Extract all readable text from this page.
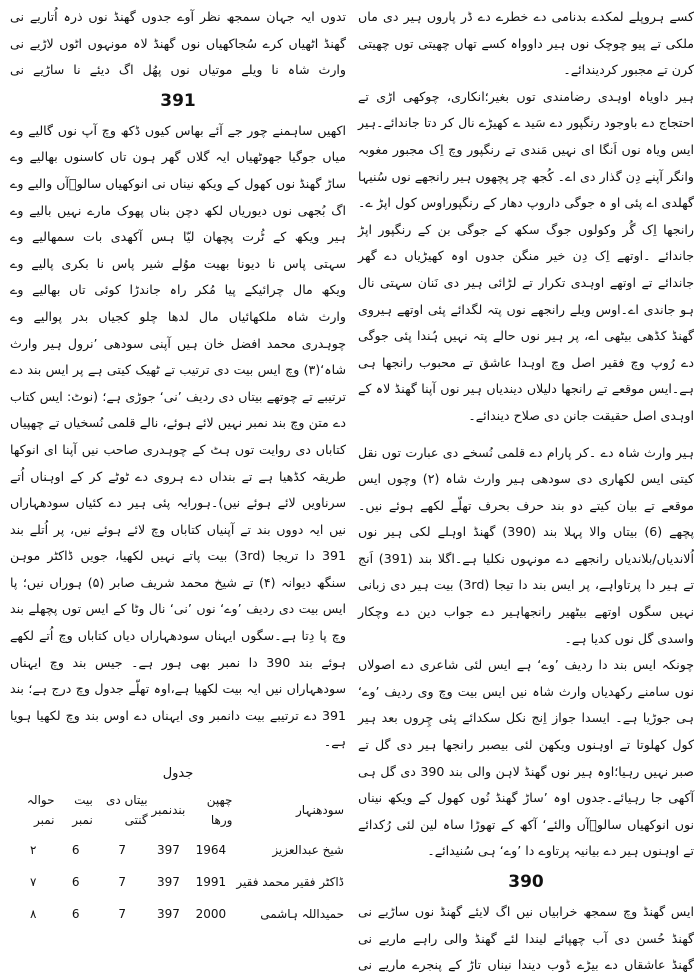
کسے ہروپلے لمکدے بدنامی دے خطرے دے ڈر پاروں ہیر دی ماں ملکی تے پیو چوچک نوں ہیر داوواہ کسے تھاں چھیتی توں چھیتی کرن تے مجبور کردیندائے۔

ہیر داویاہ اوہدی رضامندی توں بغیر؛انکاری، چوکھی اڑی تے احتجاج دے باوجود رنگپور دے سَید ے کھیڑے نال کر دتا جاندائے۔ہیر ایس ویاہ نوں اَنگا ای نہیں مَندی تے رنگپور وچ اِک مجبور مغوبہ وانگر آپنے دِن گذار دی اے۔ کُجھ چر پچھوں ہیر رانجھے نوں سُنیہا گھلدی اے پئی او ہ جوگی داروپ دھار کے رنگپوراوس کول اپڑ ے۔ رانجھا اِک گُر وکولوں جوگ سکھ کے جوگی بن کے رنگپور اپڑ جاندائے ۔اوتھے اِک دِن خیر منگن جدوں اوہ کھیڑیاں دے گھر جاندائے تے اوتھے اوہدی تکرار تے لڑائی ہیر دی نَنان سہتی نال ہو جاندی اے۔اوس ویلے رانجھے نوں پتہ لگدائے پئی اوتھے ہیروی گھنڈ کڈھی بیٹھی اے، پر ہیر نوں حالے پتہ نہیں ہُندا پئی جوگی دے رُوپ وچ فقیر اصل وچ اوہدا عاشق تے محبوب رانجھا ہی ہے۔ایس موقعے تے رانجھا دلیلاں دیندیاں ہیر نوں آپنا گھنڈ لاہ کے اوہدی اصل حقیقت جانن دی صلاح دیندائے۔

ہیر وارث شاہ دے ۔کر پارام دے قلمی نُسخے دی عبارت توں نقل کیتی ایس لکھاری دی سودھی ہیر وارث شاہ (۲) وچوں ایس موقعے تے بیان کیتے دو بند حرف بحرف تھلّے لکھے ہوئے نیں۔ پچھے (6) بیتاں والا پہلا بند (390) گھنڈ اوہلے لکی ہیر نوں اُلاندیاں/بلاندیاں رانجھے دے مونہوں نکلیا ہے۔اگلا بند (391) اَنج تے ہیر دا پرتاواہے، پر ایس بند دا تیجا (3rd) بیت ہیر دی زبانی نہیں سگوں اوتھے بیٹھیر رانجھاہیر دے جواب دین دے وچکار واسدی گل نوں کدیا ہے۔

چونکہ ایس بند دا ردیف ’وے‘ ہے ایس لئی شاعری دے اصولاں نوں سامنے رکھدیاں وارث شاہ نیں ایس بیت وچ وی ردیف ’وے‘ ہی جوڑیا ہے۔ ایسدا جواز اِنج نکل سکدائے پئی چِروں بعد ہیر کول کھلوتا تے اوہنوں ویکھن لئی بیصبر رانجھا ہیر دی گل تے صبر نہیں رہیا؛اوہ ہیر نوں گھنڈ لاہن والی بند 390 دی گل ہی آکھی جا رہیائے۔جدوں اوہ ’ساڑ گھنڈ نُوں کھول کے ویکھ نیناں نوں انوکھیاں سالوؔآں والئے‘ آکھ کے تھوڑا ساہ لین لئی رُکدائے تے اوہنوں ہیر دے بیانیہ پرتاوے دا ’وے‘ ہی سُنیدائے۔

390

ایس گھنڈ وچ سمجھ خرابیاں نیں اگ لایئے گھنڈ نوں ساڑیے نی

گھنڈ حُسن دی آب چھپائے لیندا لئے گھنڈ والی راہے ماریے نی

گھنڈ عاشقاں دے بیڑے ڈوب دیندا نیناں تاڑ کے پنجرے ماریے نی

تدوں ایہ جہان سمجھ نظر آوے جدوں گھنڈ نوں ذرہ اُتاریے نی

گھنڈ اٹھیاں کرے سُجاکھیاں نوں گھنڈ لاہ مونہوں اٹوں لاڑیے نی

وارث شاہ نا ویلے موتیاں نوں پھُل اگ دیئے نا ساڑیے نی

391

اکھیں ساہمنے چور جے آئے بھاس کیوں ڈکھ وچ آپ نوں گالیے وے

میاں جوگیا جھوٹھیاں ایہ گلاں گھر ہون تاں کاسنوں بھالیے وے

ساڑ گھنڈ نوں کھول کے ویکھ نیناں نی انوکھیاں سالوؔآں والیے وے

اگ بُجھی نوں دیوریاں لکھ دچن بناں پھوک مارے نہیں بالیے وے

ہیر ویکھ کے ٹُرت پچھان لیّا ہس آکھدی بات سمھالیے وے

سہتی پاس نا دیونا بھیت موُلے شیر پاس نا بکری پالیے وے

ویکھ مال چرائیکے پیا مُکر راہ جاندڑا کوئی تاں بھالیے وے

وارث شاہ ملکھائیاں مال لدھا چلو کجیاں بدر پوالیے وے

چوہدری محمد افضل خان ہیں آپنی سودھی ’نرول ہیر وارث شاہ‘(۳) وچ ایس بیت دی ترتیب تے ٹھیک کیتی ہے پر ایس بند دے ترتیبے تے چوتھے بیتاں دی ردیف ’نی‘ جوڑی ہے؛ (نوٹ: ایس کتاب دے متن وچ بند نمبر نہیں لائے ہوئے، نالے قلمی نُسخیاں تے چھپیاں کتاباں دی روایت توں ہٹ کے چوہدری صاحب نیں آپنا ای انوکھا طریقہ کڈھیا ہے تے بنداں دے ہروی دے ٹوٹے کر کے اوہناں اُتے سرناویں لائے ہوئے نیں)۔ہورایہ پئی ہیر دے کئیاں سودھہاراں نیں ایہ دووں بند تے آپنیاں کتاباں وچ لائے ہوئے نیں، پر اُتلے بند 391 دا تریجا (3rd) بیت پاتے نہیں لکھیا، جویں ڈاکٹر موہن سنگھ دیوانہ (۴) تے شیخ محمد شریف صابر (۵) ہوراں نیں؛ پا ایس بیت دی ردیف ’وے‘ نوں ’نی‘ نال وٹا کے ایس توں پچھلے بند وچ پا دِتا ہے۔سگوں ایہناں سودھہاراں دیاں کتاباں وچ اُتے لکھے ہوئے بند 390 دا نمبر بھی ہور ہے۔ جیس بند وچ ایہناں سودھہاراں نیں ایہ بیت لکھیا ہے،اوہ تھلّے جدول وچ درج ہے؛ بند 391 دے ترتیبے بیت دانمبر وی ایہناں دے اوس بند وچ لکھیا ہویا ہے۔

جدول
سودھنہار	چھپن ورھا	بندنمبر	بیتاں دی گنتی	بیت نمبر	حوالہ نمبر
شیخ عبدالعزیز	1964	397	7	6	۲
ڈاکٹر فقیر محمد فقیر	1991	397	7	6	۷
حمیداللہ ہاشمی	2000	397	7	6	۸
